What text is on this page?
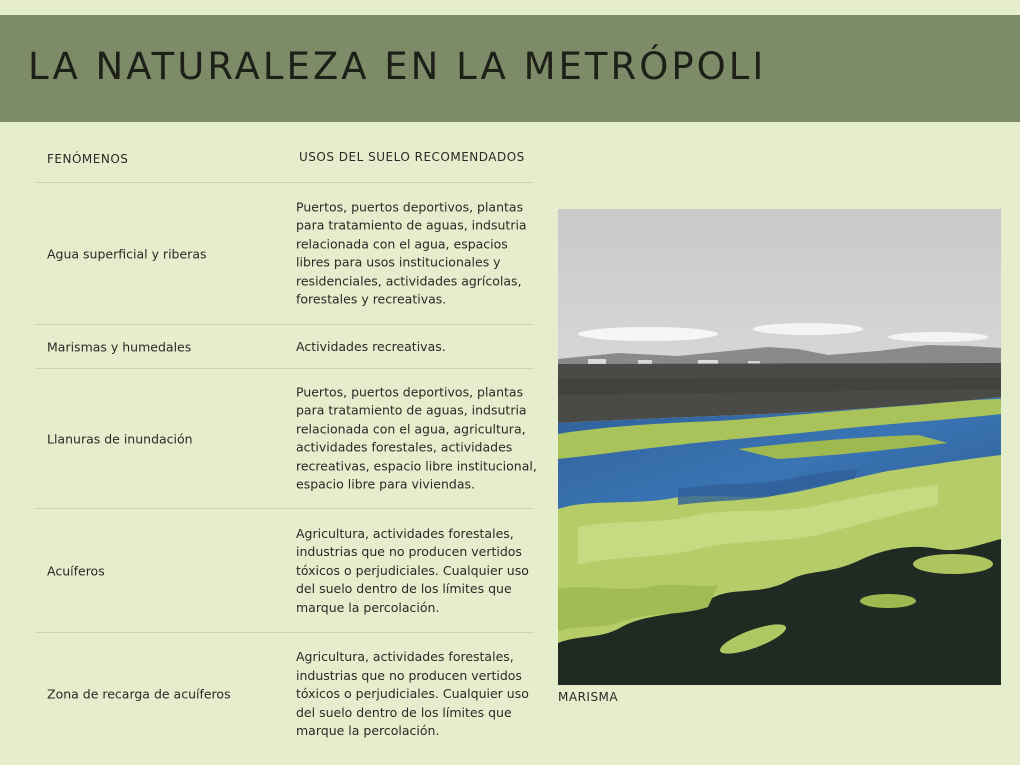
LA NATURALEZA EN LA METRÓPOLI
FENÓMENOS	USOS DEL SUELO RECOMENDADOS
Agua superficial y riberas
Puertos, puertos deportivos, plantas
para tratamiento de aguas, indsutria
relacionada con el agua, espacios
libres para usos institucionales y
residenciales, actividades agrícolas,
forestales y recreativas.
Marismas y humedales	Actividades recreativas.
Llanuras de inundación
Puertos, puertos deportivos, plantas
para tratamiento de aguas, indsutria
relacionada con el agua, agricultura,
actividades forestales, actividades
recreativas, espacio libre institucional,
espacio libre para viviendas.
Acuíferos
Agricultura, actividades forestales,
industrias que no producen vertidos
tóxicos o perjudiciales. Cualquier uso
del suelo dentro de los límites que
marque la percolación.
Zona de recarga de acuíferos
Agricultura, actividades forestales,
industrias que no producen vertidos
tóxicos o perjudiciales. Cualquier uso
del suelo dentro de los límites que
marque la percolación.
MARISMA
